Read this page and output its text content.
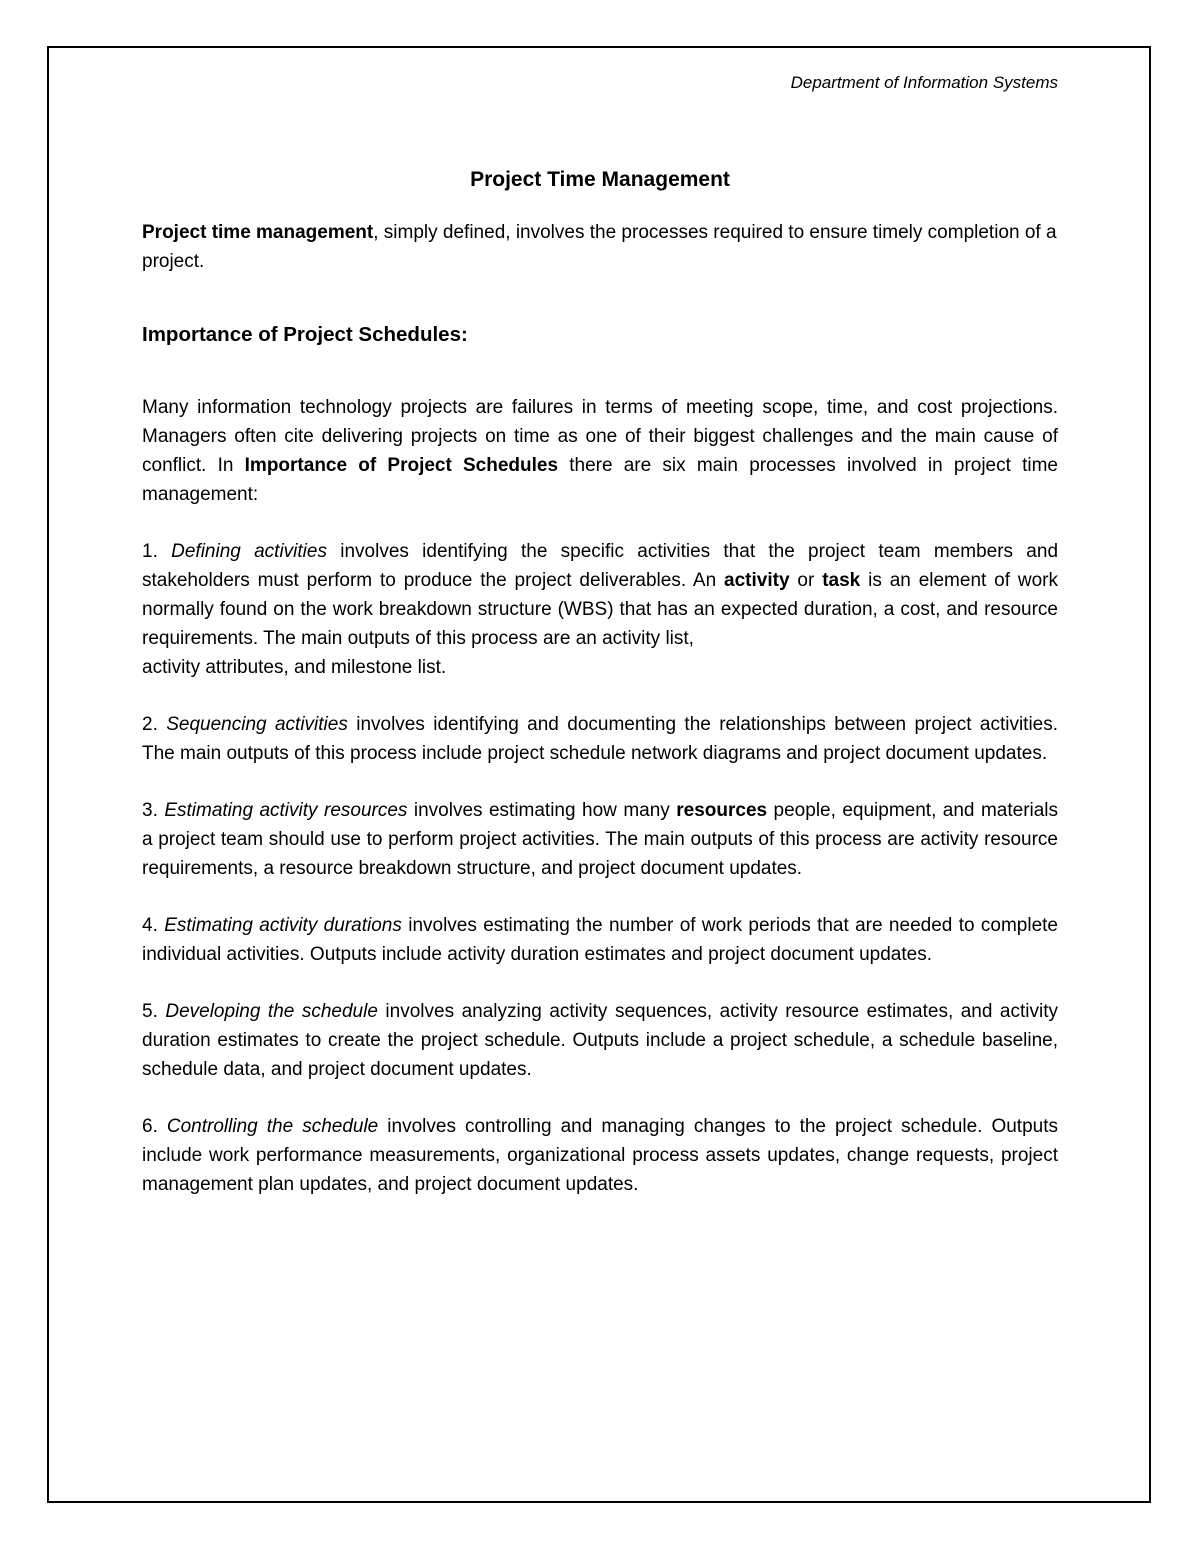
Department of Information Systems
Project Time Management

Project time management, simply defined, involves the processes required to ensure timely completion of a project.

Importance of Project Schedules:

Many information technology projects are failures in terms of meeting scope, time, and cost projections. Managers often cite delivering projects on time as one of their biggest challenges and the main cause of conflict. In Importance of Project Schedules there are six main processes involved in project time management:

1. Defining activities involves identifying the specific activities that the project team members and stakeholders must perform to produce the project deliverables. An activity or task is an element of work normally found on the work breakdown structure (WBS) that has an expected duration, a cost, and resource requirements. The main outputs of this process are an activity list,

activity attributes, and milestone list.

2. Sequencing activities involves identifying and documenting the relationships between project activities. The main outputs of this process include project schedule network diagrams and project document updates.

3. Estimating activity resources involves estimating how many resources people, equipment, and materials a project team should use to perform project activities. The main outputs of this process are activity resource requirements, a resource breakdown structure, and project document updates.

4. Estimating activity durations involves estimating the number of work periods that are needed to complete individual activities. Outputs include activity duration estimates and project document updates.

5. Developing the schedule involves analyzing activity sequences, activity resource estimates, and activity duration estimates to create the project schedule. Outputs include a project schedule, a schedule baseline, schedule data, and project document updates.

6. Controlling the schedule involves controlling and managing changes to the project schedule. Outputs include work performance measurements, organizational process assets updates, change requests, project management plan updates, and project document updates.
